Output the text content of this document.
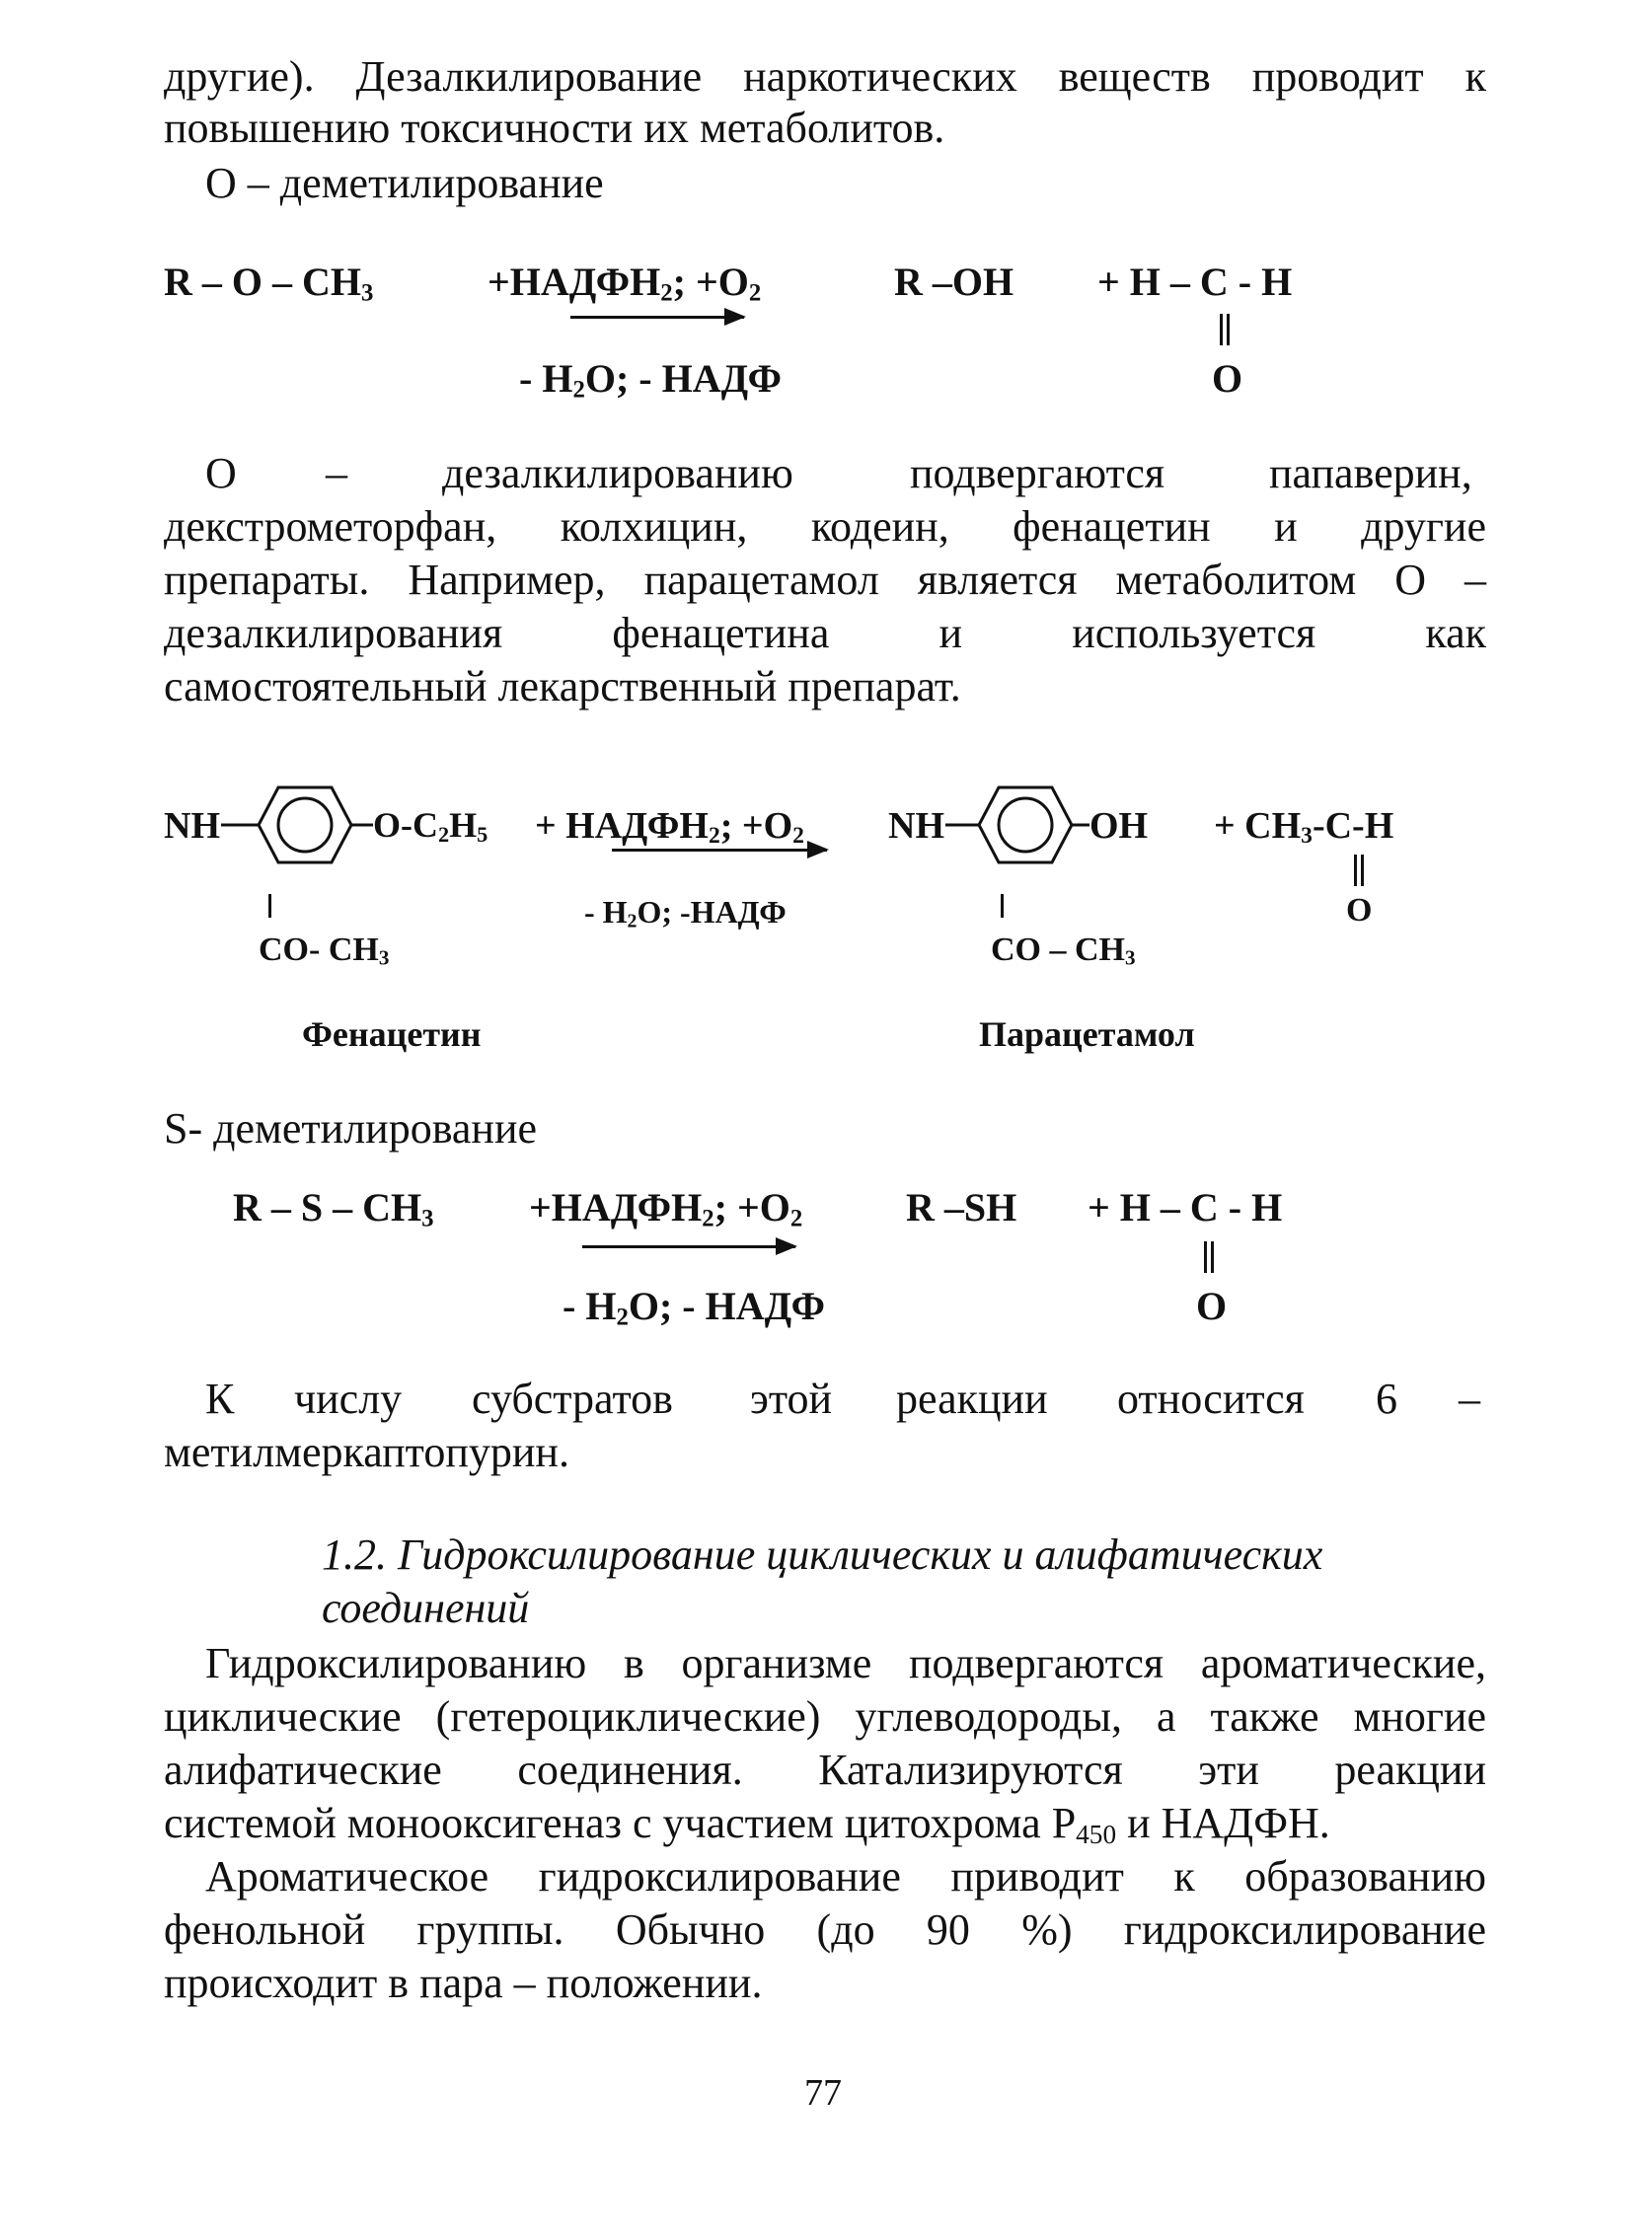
другие). Дезалкилирование наркотических веществ проводит к
повышению токсичности их метаболитов.
О – деметилирование
R – O – $CH_3$	$+НАДФН_2$; $+O_2$
- $H_2O$; - НАДФ
R –OH + H – C - H
O
О – дезалкилированию	подвергаются папаверин,
декстрометорфан, колхицин, кодеин, фенацетин и другие
препараты. Например, парацетамол является метаболитом О –
дезалкилирования фенацетина и используется как
самостоятельный лекарственный препарат.
NH	$O-C_2H_5$ + $НАДФН_2$; $+O_2$
- $H_2O$; -НАДФ
CO- $CH_3$
NH	OH + $CH_3-C-H$
O
CO – $CH_3$
Фенацетин	Парацетамол
S- деметилирование
R – S – $CH_3$ $+НАДФН_2$; $+O_2$
- $H_2O$; - НАДФ
R –SH + H – C - H
O
К числу субстратов этой реакции относится 6 –
метилмеркаптопурин.
1.2. Гидроксилирование циклических и алифатических
соединений
Гидроксилированию в организме подвергаются ароматические,
циклические (гетероциклические) углеводороды, а также многие
алифатические соединения. Катализируются эти реакции
системой монооксигеназ с участием цитохрома $P_{450}$ и НАДФН.
Ароматическое гидроксилирование приводит к образованию
фенольной группы. Обычно (до 90 %) гидроксилирование
происходит в пара – положении.
77
